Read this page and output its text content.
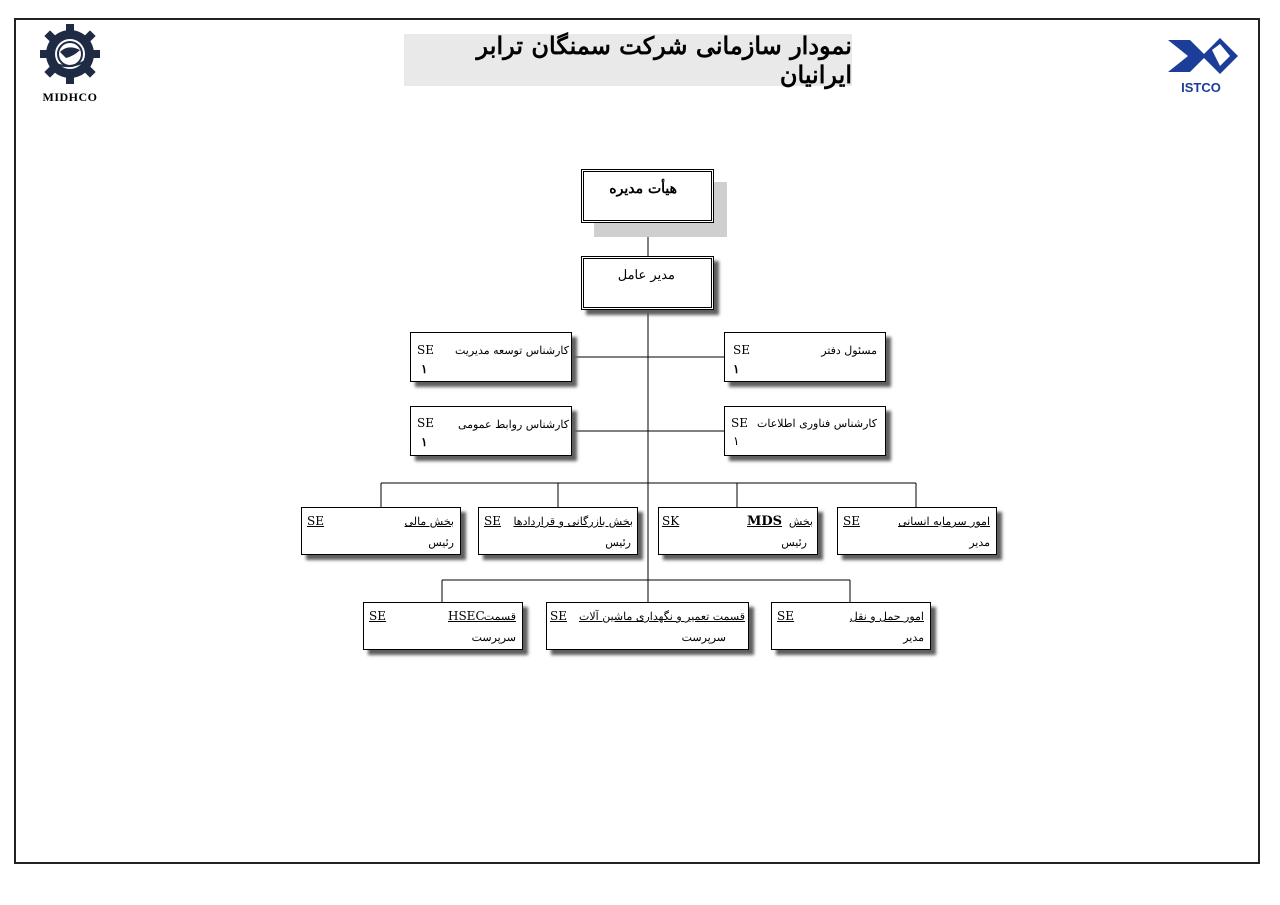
MIDHCO
نمودار سازمانی شرکت سمنگان ترابر ایرانیان	ISTCO
هیأت مدیره
مدیر عامل
SE کارشناس توسعه مدیریت
۱
SE	مسئول دفتر
۱
SE کارشناس روابط عمومی
۱
SE کارشناس فناوری اطلاعات
۱
SE	بخش مالی
رئیس
SE بخش بازرگانی و قراردادها
رئیس
SK	MDS بخش
رئیس
SE	امور سرمایه انسانی
مدیر
SE	HSEC قسمت
سرپرست
SE قسمت تعمیر و نگهداری ماشین آلات
سرپرست
SE	امور حمل و نقل
مدیر
